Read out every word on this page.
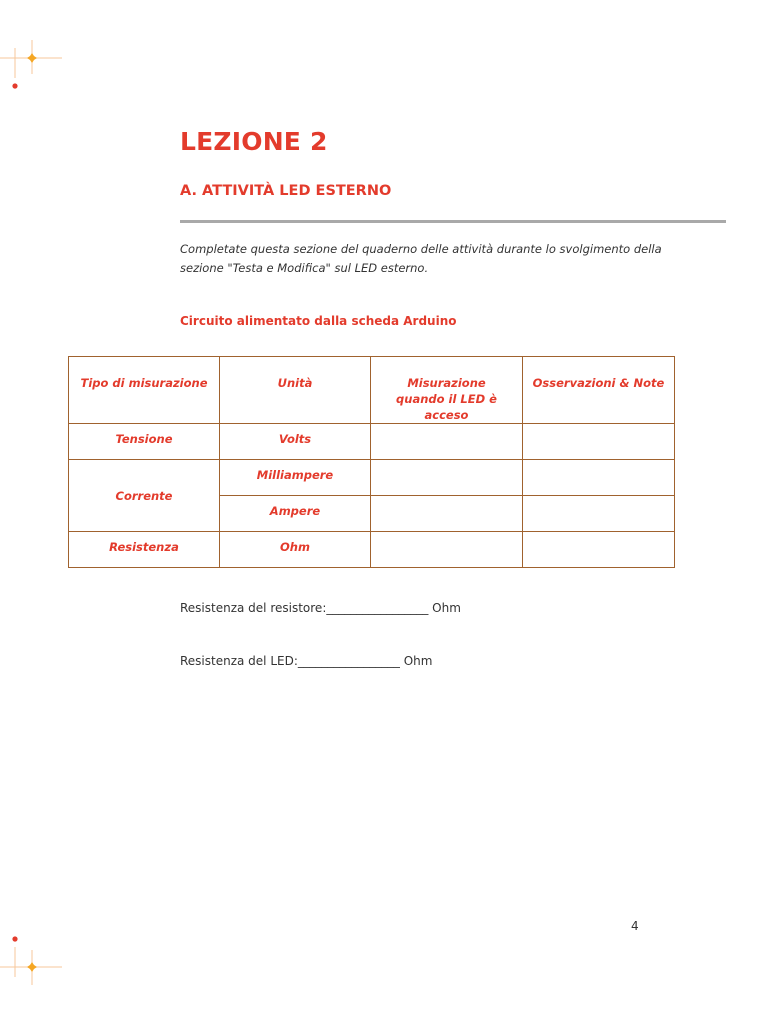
LEZIONE 2
A. ATTIVITÀ LED ESTERNO

Completate questa sezione del quaderno delle attività durante lo svolgimento della
sezione "Testa e Modifica" sul LED esterno.

Circuito alimentato dalla scheda Arduino
Tipo di misurazione	Unità	Misurazione quando il LED è acceso	Osservazioni & Note
Tensione	Volts		
Corrente	Milliampere		
	Ampere		
Resistenza	Ohm		

Resistenza del resistore:_________________ Ohm

Resistenza del LED:_________________ Ohm

4
